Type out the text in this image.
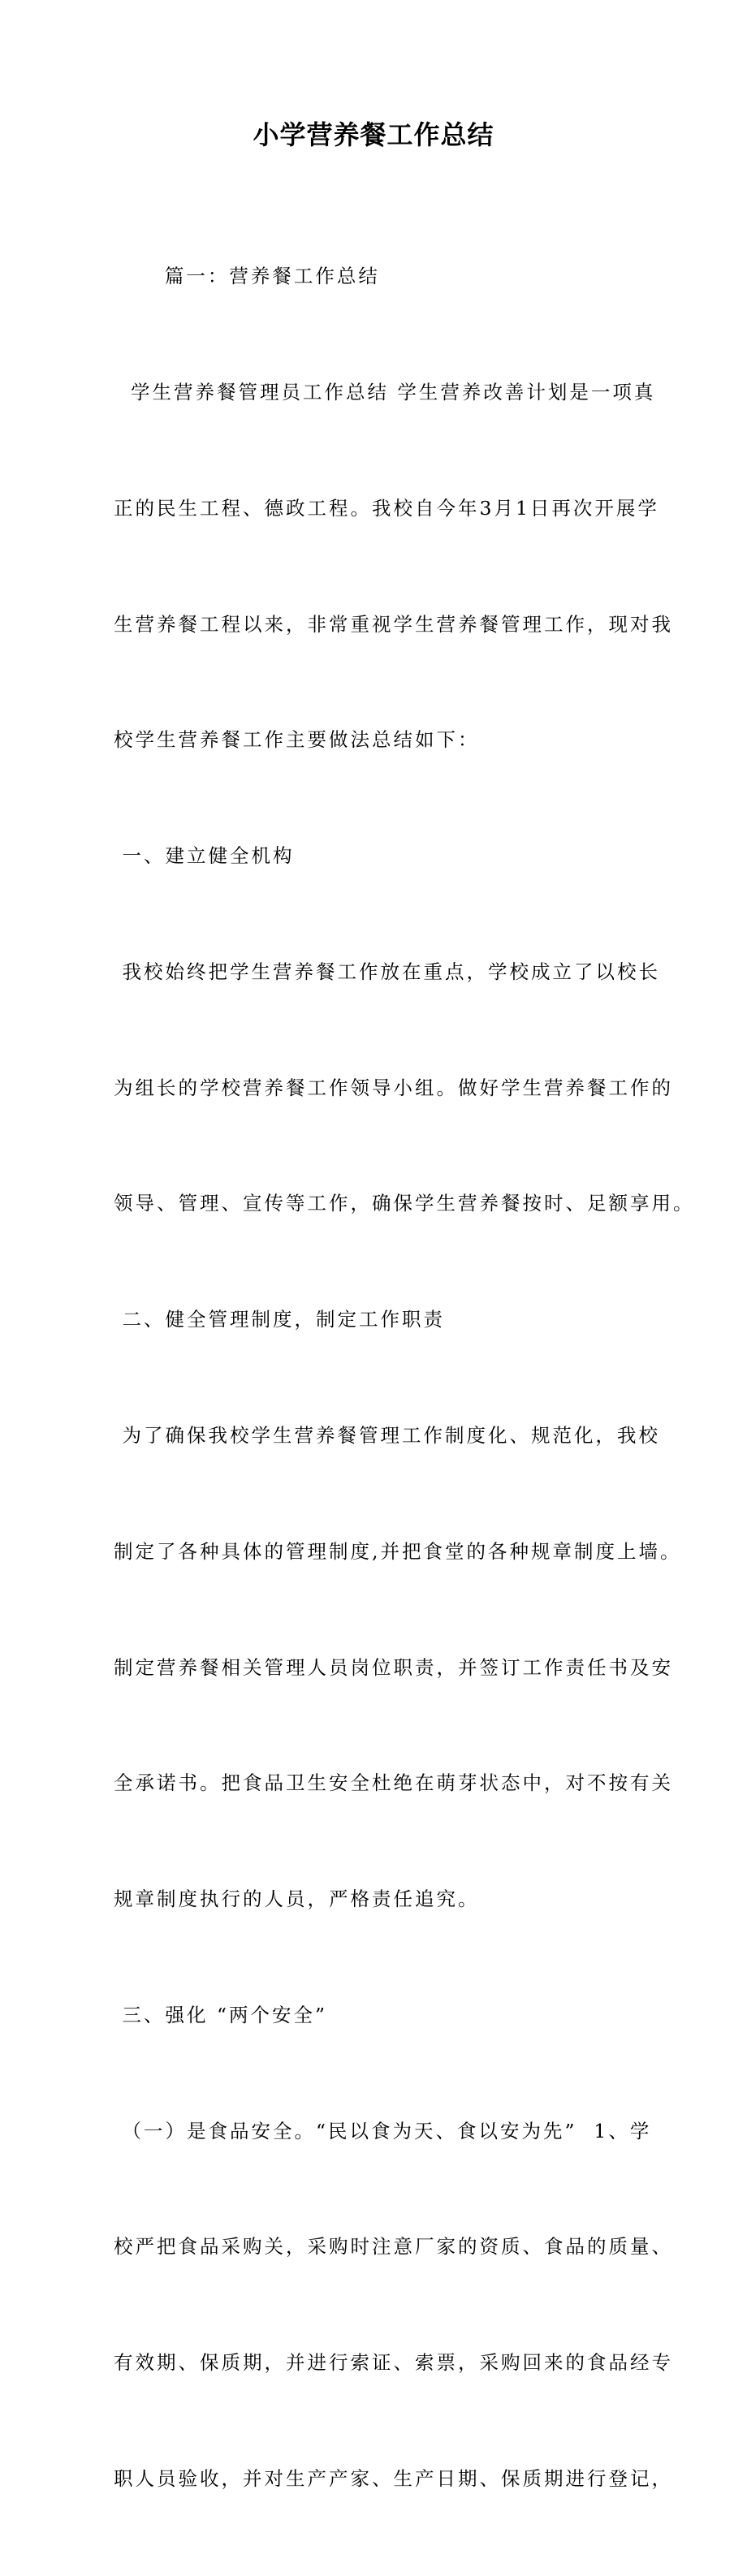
小学营养餐工作总结

篇一：营养餐工作总结

学生营养餐管理员工作总结 学生营养改善计划是一项真

正的民生工程、德政工程。我校自今年3月1日再次开展学

生营养餐工程以来，非常重视学生营养餐管理工作，现对我

校学生营养餐工作主要做法总结如下：

一、建立健全机构

我校始终把学生营养餐工作放在重点，学校成立了以校长

为组长的学校营养餐工作领导小组。做好学生营养餐工作的

领导、管理、宣传等工作，确保学生营养餐按时、足额享用。

二、健全管理制度，制定工作职责

为了确保我校学生营养餐管理工作制度化、规范化，我校

制定了各种具体的管理制度,并把食堂的各种规章制度上墙。

制定营养餐相关管理人员岗位职责，并签订工作责任书及安

全承诺书。把食品卫生安全杜绝在萌芽状态中，对不按有关

规章制度执行的人员，严格责任追究。

三、强化 “两个安全”

（一）是食品安全。“民以食为天、食以安为先”  1、学

校严把食品采购关，采购时注意厂家的资质、食品的质量、

有效期、保质期，并进行索证、索票，采购回来的食品经专

职人员验收，并对生产产家、生产日期、保质期进行登记，
